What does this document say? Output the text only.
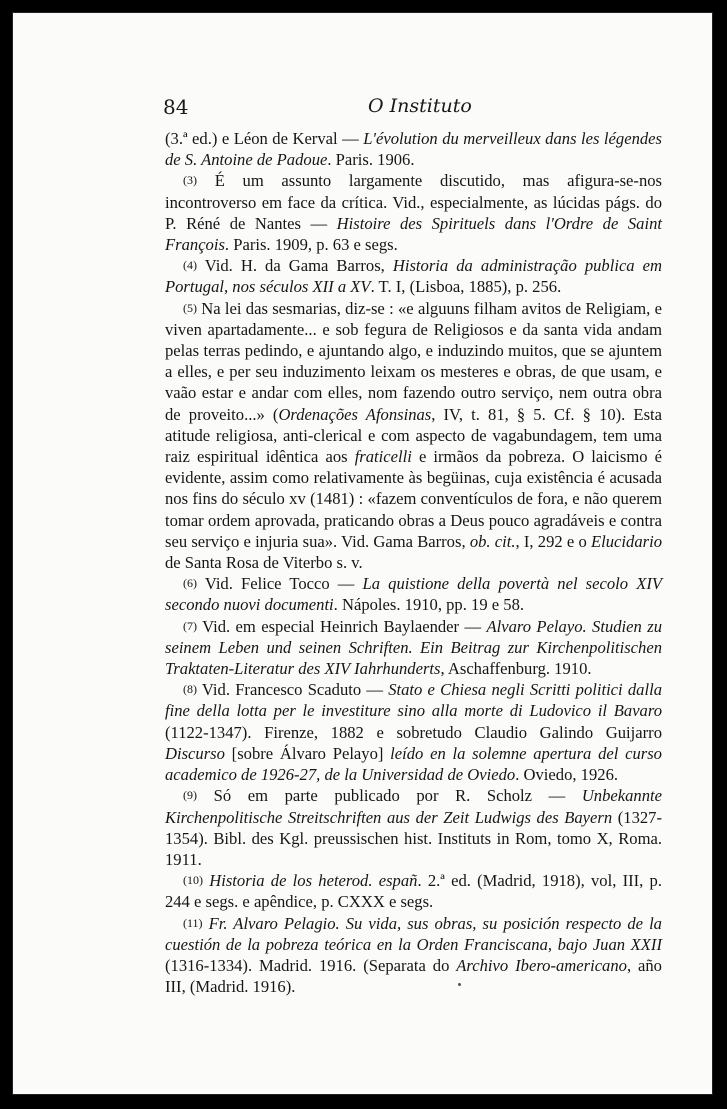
84	O Instituto

(3.ª ed.) e Léon de Kerval — L'évolution du merveilleux dans les légendes de S. Antoine de Padoue. Paris. 1906.

(3) É um assunto largamente discutido, mas afigura-se-nos incontroverso em face da crítica. Vid., especialmente, as lúcidas págs. do P. Réné de Nantes — Histoire des Spirituels dans l'Ordre de Saint François. Paris. 1909, p. 63 e segs.

(4) Vid. H. da Gama Barros, Historia da administração publica em Portugal, nos séculos XII a XV. T. I, (Lisboa, 1885), p. 256.

(5) Na lei das sesmarias, diz-se : «e alguuns filham avitos de Religiam, e viven apartadamente... e sob fegura de Religiosos e da santa vida andam pelas terras pedindo, e ajuntando algo, e induzindo muitos, que se ajuntem a elles, e per seu induzimento leixam os mesteres e obras, de que usam, e vaão estar e andar com elles, nom fazendo outro serviço, nem outra obra de proveito...» (Ordenações Afonsinas, IV, t. 81, § 5. Cf. § 10). Esta atitude religiosa, anti-clerical e com aspecto de vagabundagem, tem uma raiz espiritual idêntica aos fraticelli e irmãos da pobreza. O laicismo é evidente, assim como relativamente às begüinas, cuja existência é acusada nos fins do século xv (1481) : «fazem conventículos de fora, e não querem tomar ordem aprovada, praticando obras a Deus pouco agradáveis e contra seu serviço e injuria sua». Vid. Gama Barros, ob. cit., I, 292 e o Elucidario de Santa Rosa de Viterbo s. v.

(6) Vid. Felice Tocco — La quistione della povertà nel secolo XIV secondo nuovi documenti. Nápoles. 1910, pp. 19 e 58.

(7) Vid. em especial Heinrich Baylaender — Alvaro Pelayo. Studien zu seinem Leben und seinen Schriften. Ein Beitrag zur Kirchenpolitischen Traktaten-Literatur des XIV Iahrhunderts, Aschaffenburg. 1910.

(8) Vid. Francesco Scaduto — Stato e Chiesa negli Scritti politici dalla fine della lotta per le investiture sino alla morte di Ludovico il Bavaro (1122-1347). Firenze, 1882 e sobretudo Claudio Galindo Guijarro Discurso [sobre Álvaro Pelayo] leído en la solemne apertura del curso academico de 1926-27, de la Universidad de Oviedo. Oviedo, 1926.

(9) Só em parte publicado por R. Scholz — Unbekannte Kirchenpolitische Streitschriften aus der Zeit Ludwigs des Bayern (1327-1354). Bibl. des Kgl. preussischen hist. Instituts in Rom, tomo X, Roma. 1911.

(10) Historia de los heterod. españ. 2.ª ed. (Madrid, 1918), vol, III, p. 244 e segs. e apêndice, p. CXXX e segs.

(11) Fr. Alvaro Pelagio. Su vida, sus obras, su posición respecto de la cuestión de la pobreza teórica en la Orden Franciscana, bajo Juan XXII (1316-1334). Madrid. 1916. (Separata do Archivo Ibero-americano, año III, (Madrid. 1916).
